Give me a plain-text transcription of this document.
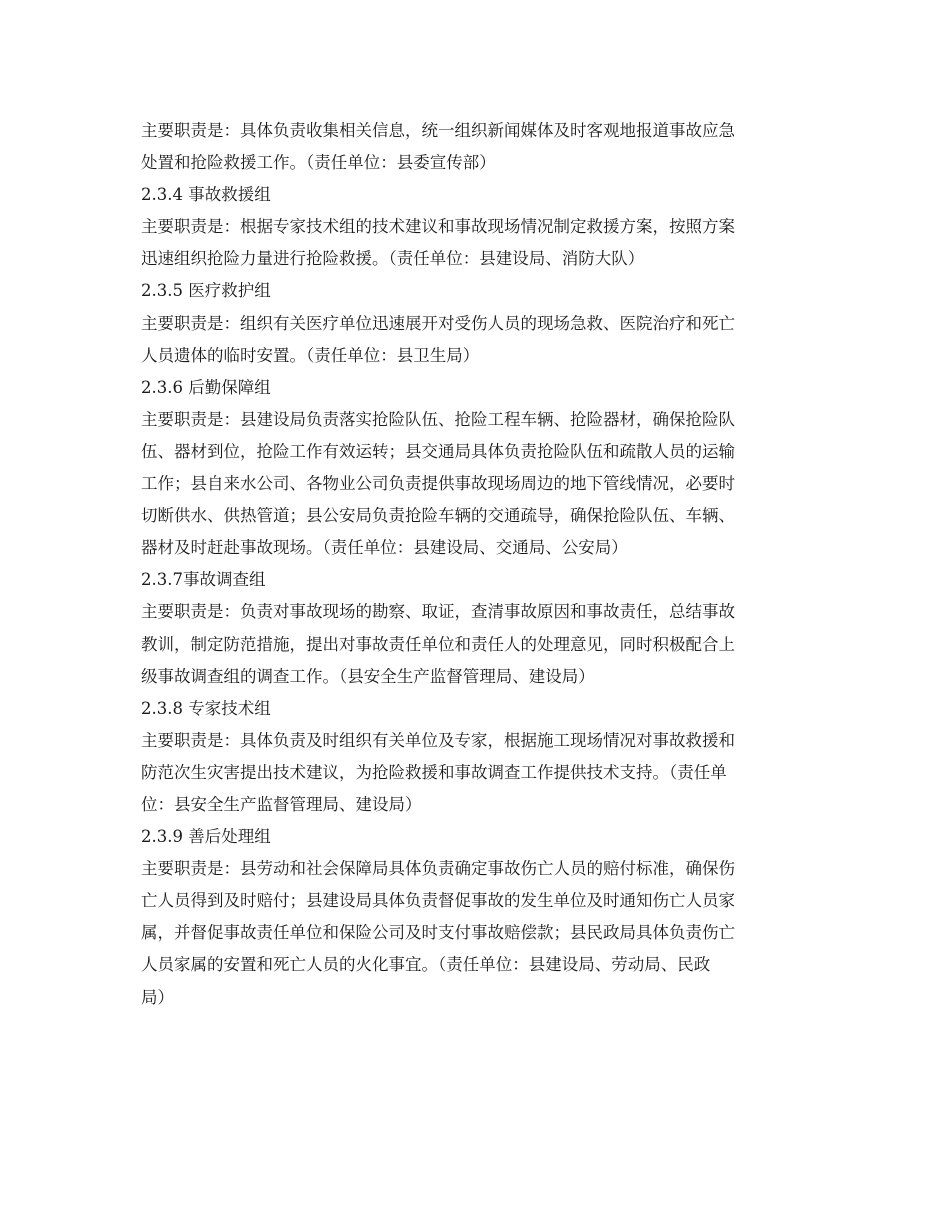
主要职责是：具体负责收集相关信息，统一组织新闻媒体及时客观地报道事故应急
处置和抢险救援工作。（责任单位：县委宣传部）
2.3.4 事故救援组
主要职责是：根据专家技术组的技术建议和事故现场情况制定救援方案，按照方案
迅速组织抢险力量进行抢险救援。（责任单位：县建设局、消防大队）
2.3.5 医疗救护组
主要职责是：组织有关医疗单位迅速展开对受伤人员的现场急救、医院治疗和死亡
人员遗体的临时安置。（责任单位：县卫生局）
2.3.6 后勤保障组
主要职责是：县建设局负责落实抢险队伍、抢险工程车辆、抢险器材，确保抢险队
伍、器材到位，抢险工作有效运转；县交通局具体负责抢险队伍和疏散人员的运输
工作；县自来水公司、各物业公司负责提供事故现场周边的地下管线情况，必要时
切断供水、供热管道；县公安局负责抢险车辆的交通疏导，确保抢险队伍、车辆、
器材及时赶赴事故现场。（责任单位：县建设局、交通局、公安局）
2.3.7事故调查组
主要职责是：负责对事故现场的勘察、取证，查清事故原因和事故责任，总结事故
教训，制定防范措施，提出对事故责任单位和责任人的处理意见，同时积极配合上
级事故调查组的调查工作。（县安全生产监督管理局、建设局）
2.3.8 专家技术组
主要职责是：具体负责及时组织有关单位及专家，根据施工现场情况对事故救援和
防范次生灾害提出技术建议，为抢险救援和事故调查工作提供技术支持。（责任单
位：县安全生产监督管理局、建设局）
2.3.9 善后处理组
主要职责是：县劳动和社会保障局具体负责确定事故伤亡人员的赔付标准，确保伤
亡人员得到及时赔付；县建设局具体负责督促事故的发生单位及时通知伤亡人员家
属，并督促事故责任单位和保险公司及时支付事故赔偿款；县民政局具体负责伤亡
人员家属的安置和死亡人员的火化事宜。（责任单位：县建设局、劳动局、民政
局）
